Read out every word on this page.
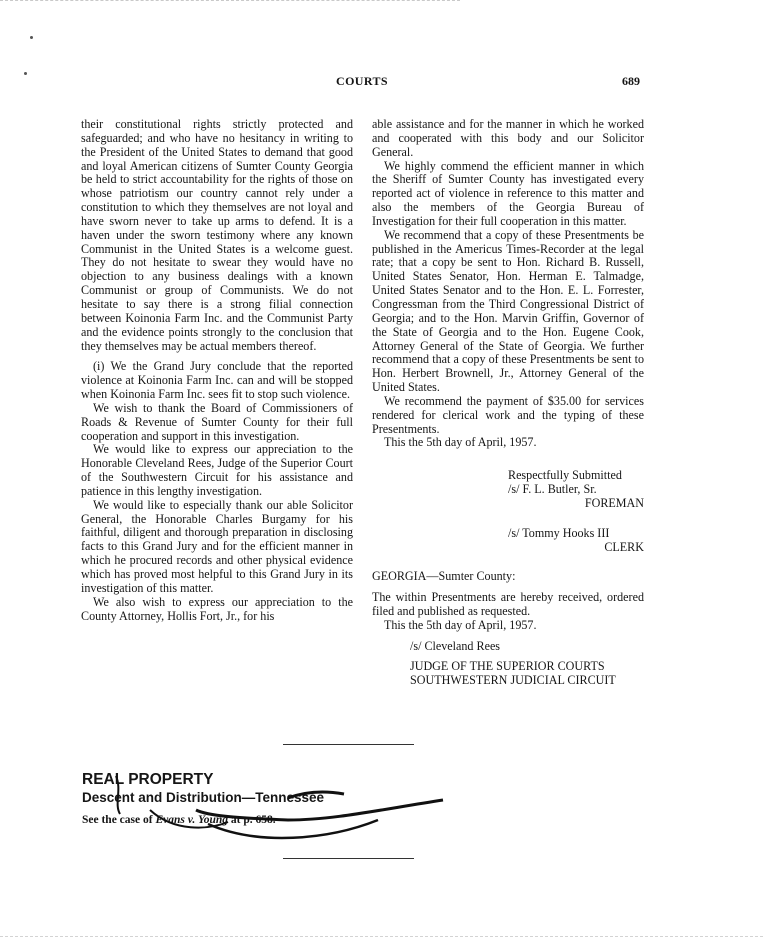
COURTS	689

their constitutional rights strictly protected and safeguarded; and who have no hesitancy in writing to the President of the United States to demand that good and loyal American citizens of Sumter County Georgia be held to strict accountability for the rights of those on whose patriotism our country cannot rely under a constitution to which they themselves are not loyal and have sworn never to take up arms to defend. It is a haven under the sworn testimony where any known Communist in the United States is a welcome guest. They do not hesitate to swear they would have no objection to any business dealings with a known Communist or group of Communists. We do not hesitate to say there is a strong filial connection between Koinonia Farm Inc. and the Communist Party and the evidence points strongly to the conclusion that they themselves may be actual members thereof.

(i) We the Grand Jury conclude that the reported violence at Koinonia Farm Inc. can and will be stopped when Koinonia Farm Inc. sees fit to stop such violence.

We wish to thank the Board of Commissioners of Roads & Revenue of Sumter County for their full cooperation and support in this investigation.

We would like to express our appreciation to the Honorable Cleveland Rees, Judge of the Superior Court of the Southwestern Circuit for his assistance and patience in this lengthy investigation.

We would like to especially thank our able Solicitor General, the Honorable Charles Burgamy for his faithful, diligent and thorough preparation in disclosing facts to this Grand Jury and for the efficient manner in which he procured records and other physical evidence which has proved most helpful to this Grand Jury in its investigation of this matter.

We also wish to express our appreciation to the County Attorney, Hollis Fort, Jr., for his

able assistance and for the manner in which he worked and cooperated with this body and our Solicitor General.

We highly commend the efficient manner in which the Sheriff of Sumter County has investigated every reported act of violence in reference to this matter and also the members of the Georgia Bureau of Investigation for their full cooperation in this matter.

We recommend that a copy of these Presentments be published in the Americus Times-Recorder at the legal rate; that a copy be sent to Hon. Richard B. Russell, United States Senator, Hon. Herman E. Talmadge, United States Senator and to the Hon. E. L. Forrester, Congressman from the Third Congressional District of Georgia; and to the Hon. Marvin Griffin, Governor of the State of Georgia and to the Hon. Eugene Cook, Attorney General of the State of Georgia. We further recommend that a copy of these Presentments be sent to Hon. Herbert Brownell, Jr., Attorney General of the United States.

We recommend the payment of $35.00 for services rendered for clerical work and the typing of these Presentments.

This the 5th day of April, 1957.

Respectfully Submitted
/s/ F. L. Butler, Sr.
FOREMAN
/s/ Tommy Hooks III
CLERK

GEORGIA—Sumter County:

The within Presentments are hereby received, ordered filed and published as requested.

This the 5th day of April, 1957.

/s/ Cleveland Rees

JUDGE OF THE SUPERIOR COURTS

SOUTHWESTERN JUDICIAL CIRCUIT

REAL PROPERTY

Descent and Distribution—Tennessee

See the case of Evans v. Young at p. 658.
